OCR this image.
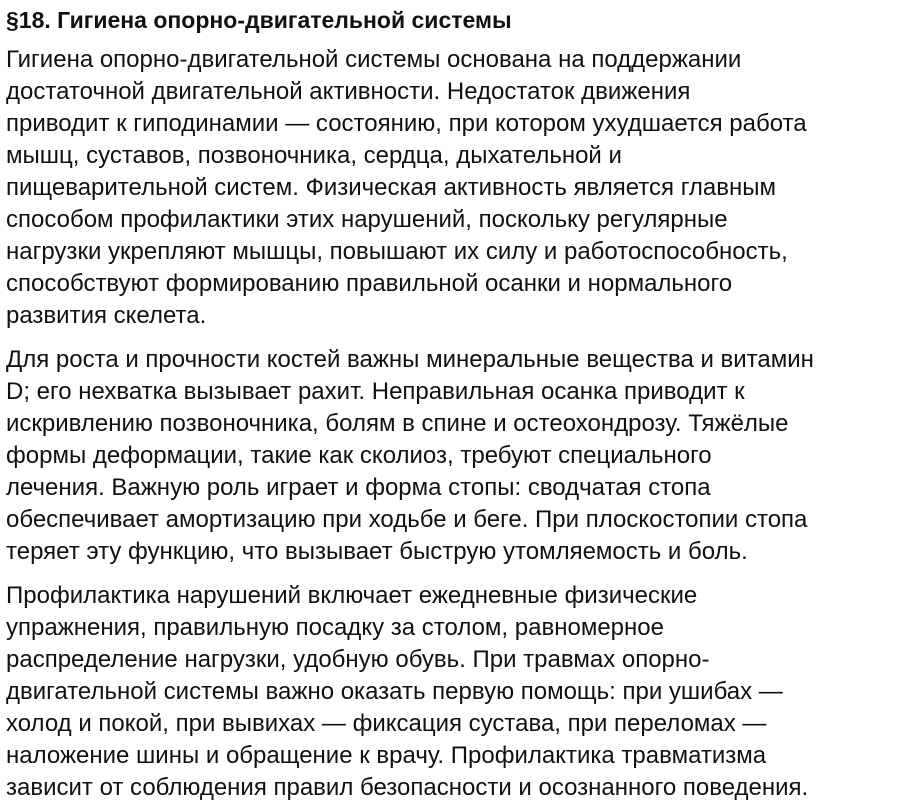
§18. Гигиена опорно-двигательной системы

Гигиена опорно-двигательной системы основана на поддержании
достаточной двигательной активности. Недостаток движения
приводит к гиподинамии — состоянию, при котором ухудшается работа
мышц, суставов, позвоночника, сердца, дыхательной и
пищеварительной систем. Физическая активность является главным
способом профилактики этих нарушений, поскольку регулярные
нагрузки укрепляют мышцы, повышают их силу и работоспособность,
способствуют формированию правильной осанки и нормального
развития скелета.

Для роста и прочности костей важны минеральные вещества и витамин
D; его нехватка вызывает рахит. Неправильная осанка приводит к
искривлению позвоночника, болям в спине и остеохондрозу. Тяжёлые
формы деформации, такие как сколиоз, требуют специального
лечения. Важную роль играет и форма стопы: сводчатая стопа
обеспечивает амортизацию при ходьбе и беге. При плоскостопии стопа
теряет эту функцию, что вызывает быструю утомляемость и боль.

Профилактика нарушений включает ежедневные физические
упражнения, правильную посадку за столом, равномерное
распределение нагрузки, удобную обувь. При травмах опорно-
двигательной системы важно оказать первую помощь: при ушибах —
холод и покой, при вывихах — фиксация сустава, при переломах —
наложение шины и обращение к врачу. Профилактика травматизма
зависит от соблюдения правил безопасности и осознанного поведения.
